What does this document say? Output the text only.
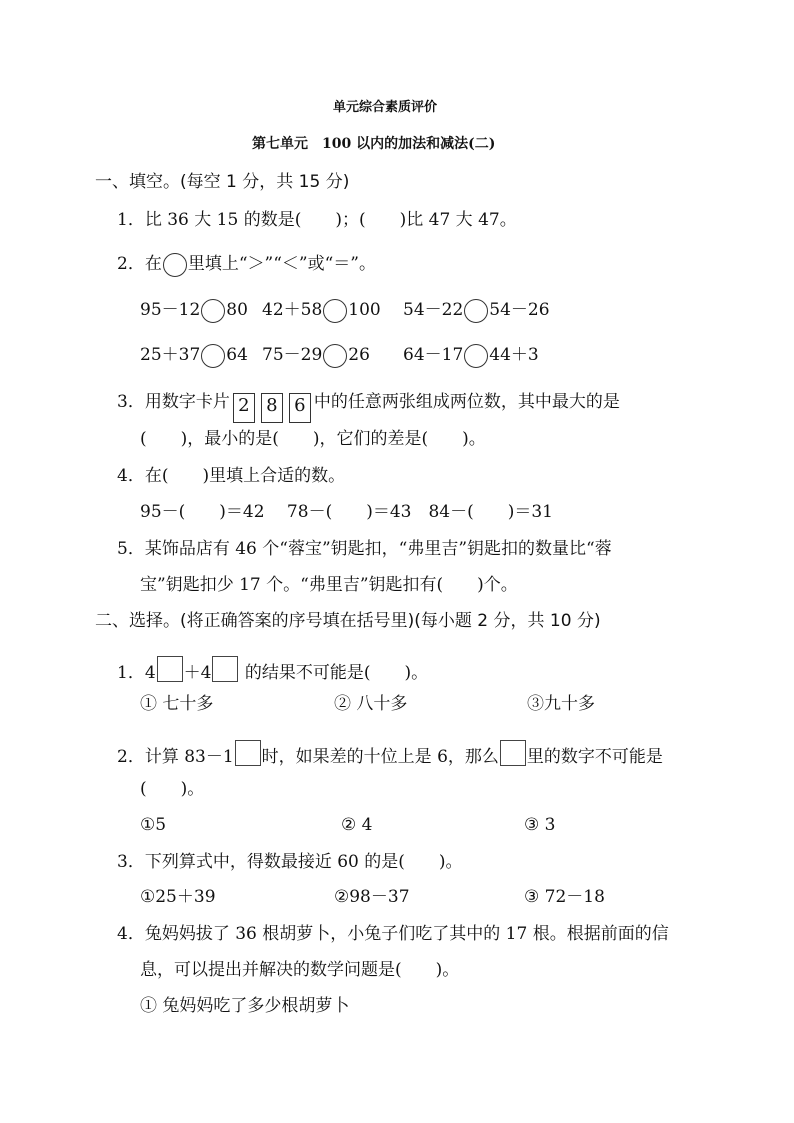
单元综合素质评价
第七单元　100 以内的加法和减法(二)
一、填空。(每空 1 分，共 15 分)
1．比 36 大 15 的数是(　　)；(　　)比 47 大 47。
2．在 里填上“＞”“＜”或“＝”。
95－12 80 42＋58 100 54－22 54－26
25＋37 64 75－29 26 64－17 44＋3
3．用数字卡片 2 8 6 中的任意两张组成两位数，其中最大的是
(　　)，最小的是(　　)，它们的差是(　　)。
4．在(　　)里填上合适的数。
95－(　　)＝42　 78－(　　)＝43　84－(　　)＝31
5．某饰品店有 46 个“蓉宝”钥匙扣，“弗里吉”钥匙扣的数量比“蓉
宝”钥匙扣少 17 个。“弗里吉”钥匙扣有(　　)个。
二、选择。(将正确答案的序号填在括号里)(每小题 2 分，共 10 分)
1．4 ＋4 的结果不可能是(　　)。
① 七十多	② 八十多	③九十多
2．计算 83－1 时，如果差的十位上是 6，那么 里的数字不可能是
(　　)。
①5	② 4	③ 3
3．下列算式中，得数最接近 60 的是(　　)。
①25＋39	②98－37	③ 72－18
4．兔妈妈拔了 36 根胡萝卜，小兔子们吃了其中的 17 根。根据前面的信
息，可以提出并解决的数学问题是(　　)。
① 兔妈妈吃了多少根胡萝卜
